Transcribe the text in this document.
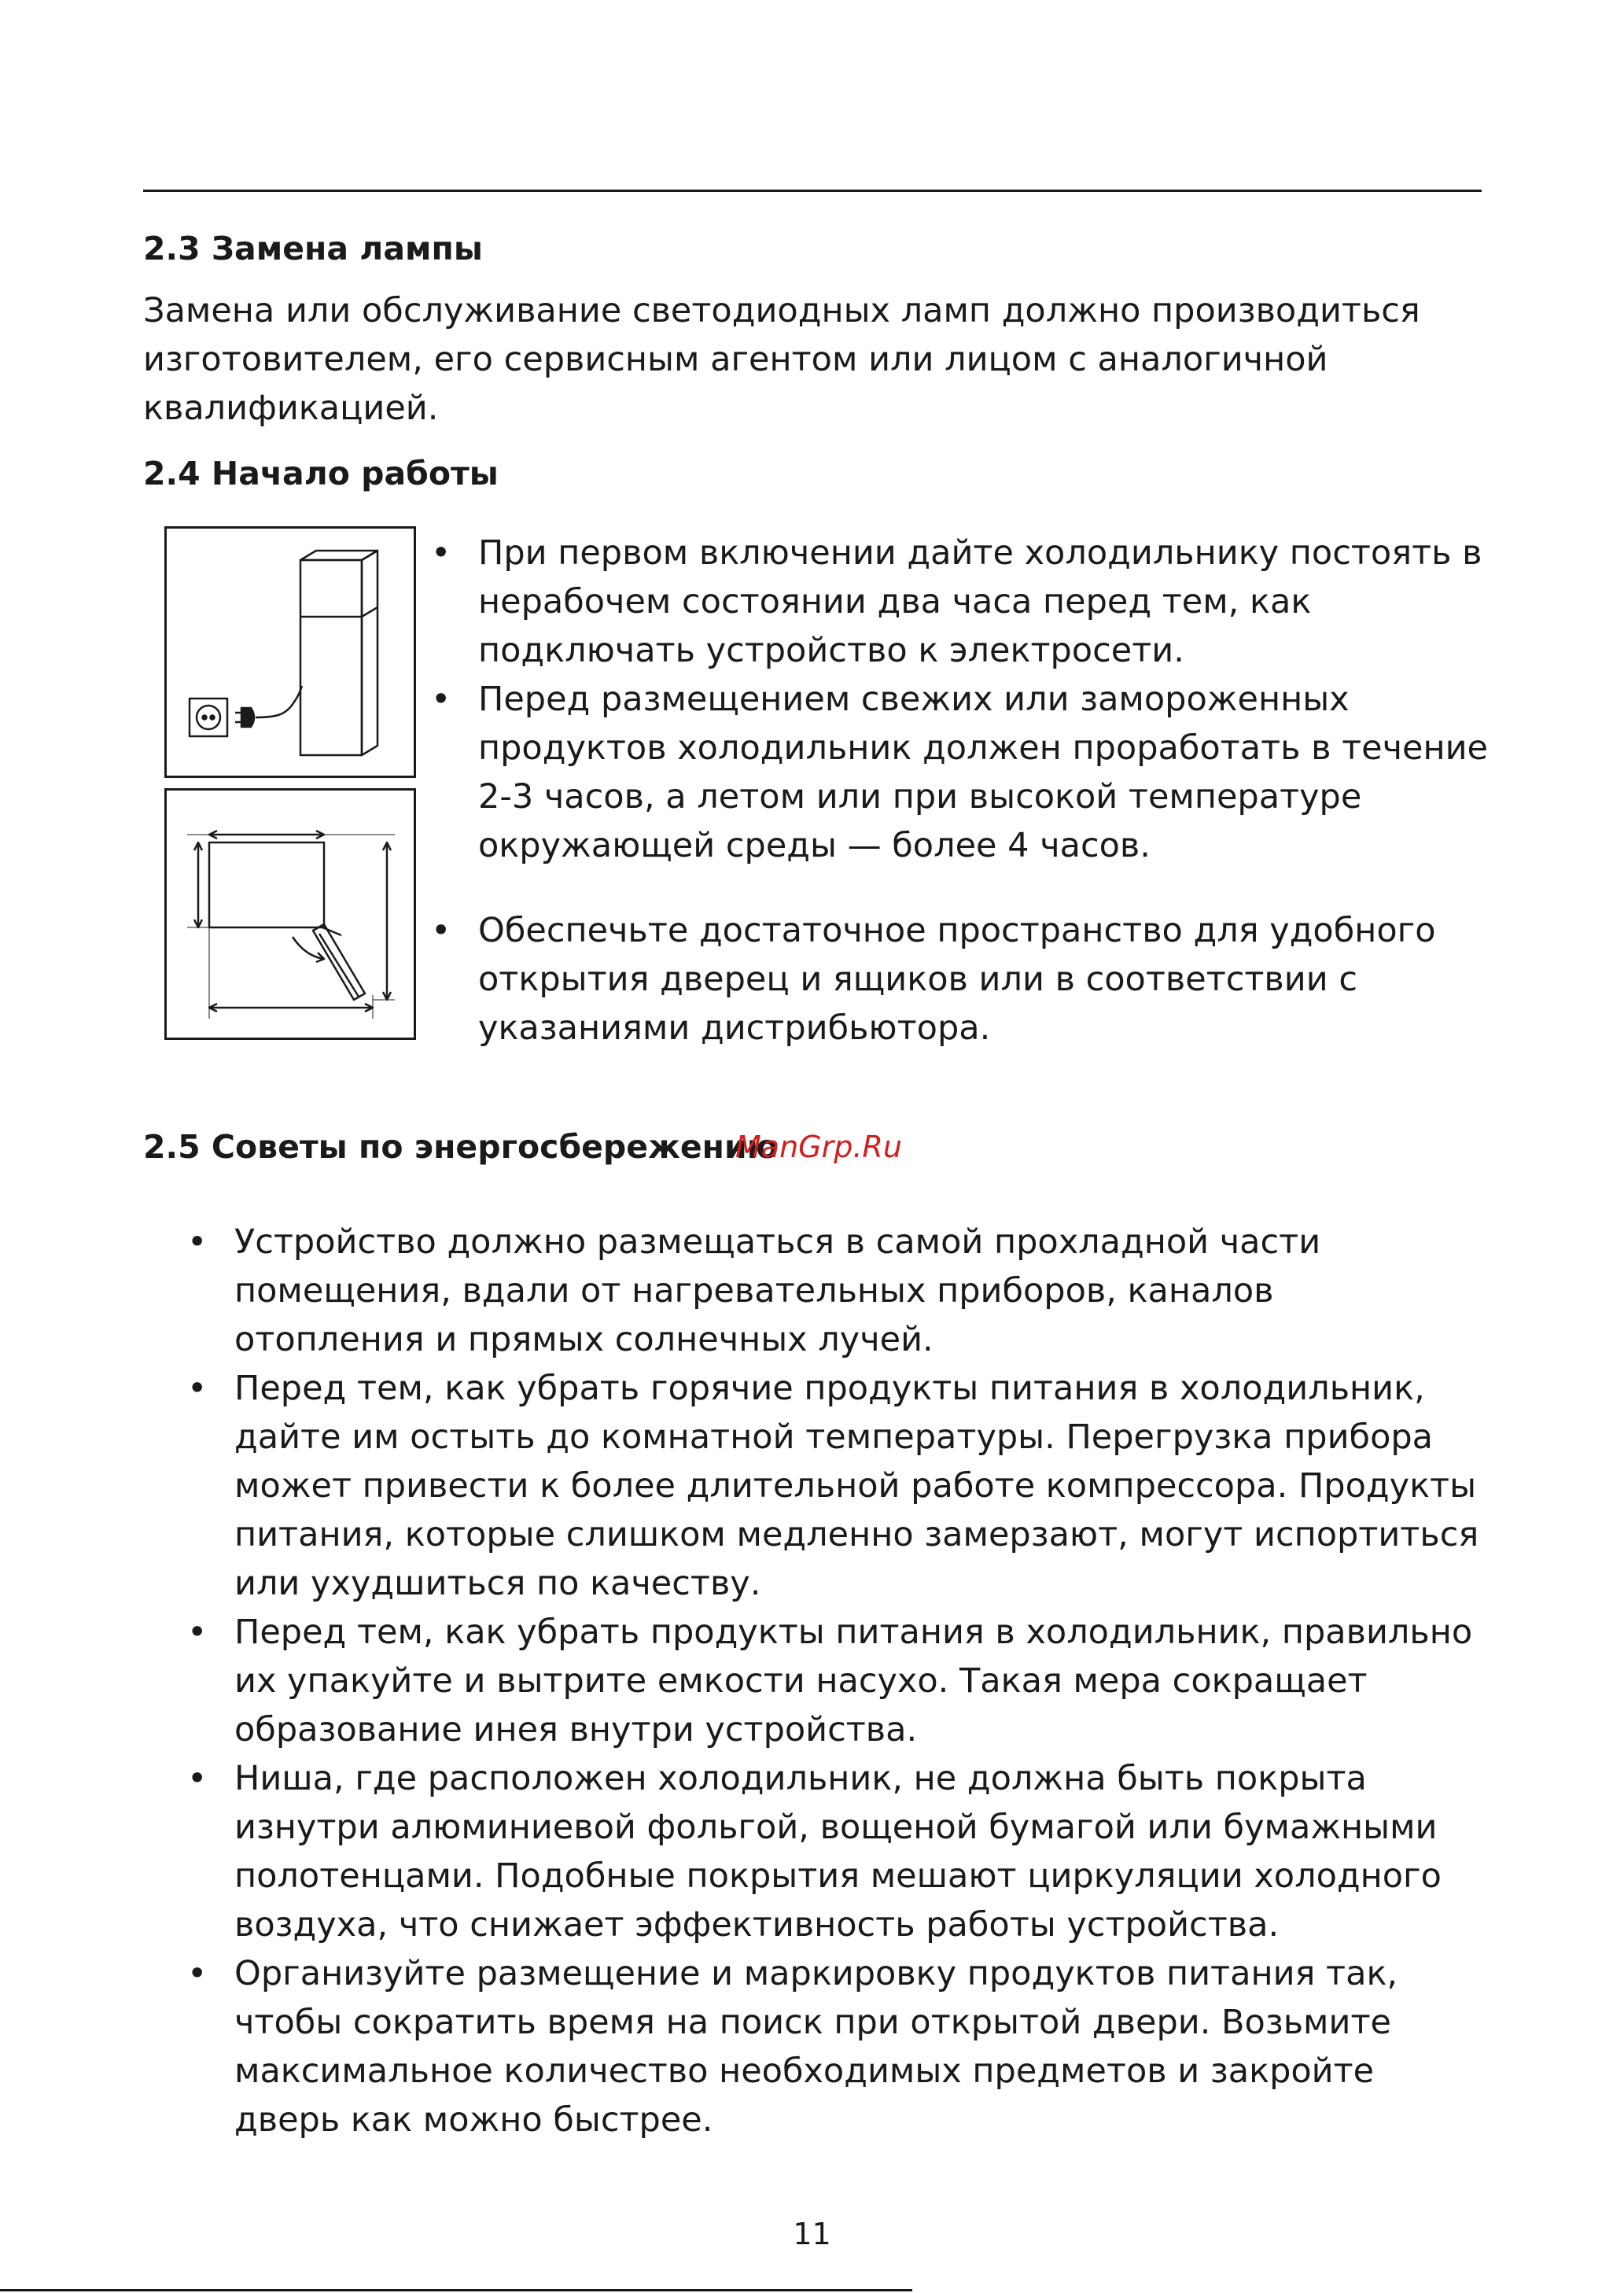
2.3 Замена лампы
Замена или обслуживание светодиодных ламп должно производиться
изготовителем, его сервисным агентом или лицом с аналогичной
квалификацией.
2.4 Начало работы
• При первом включении дайте холодильнику постоять в
нерабочем состоянии два часа перед тем, как
подключать устройство к электросети.
• Перед размещением свежих или замороженных
продуктов холодильник должен проработать в течение
2-3 часов, а летом или при высокой температуре
окружающей среды — более 4 часов.
• Обеспечьте достаточное пространство для удобного
открытия дверец и ящиков или в соответствии с
указаниями дистрибьютора.
2.5 Советы по энергосбережению
ManGrp.Ru
• Устройство должно размещаться в самой прохладной части
помещения, вдали от нагревательных приборов, каналов
отопления и прямых солнечных лучей.
• Перед тем, как убрать горячие продукты питания в холодильник,
дайте им остыть до комнатной температуры. Перегрузка прибора
может привести к более длительной работе компрессора. Продукты
питания, которые слишком медленно замерзают, могут испортиться
или ухудшиться по качеству.
• Перед тем, как убрать продукты питания в холодильник, правильно
их упакуйте и вытрите емкости насухо. Такая мера сокращает
образование инея внутри устройства.
• Ниша, где расположен холодильник, не должна быть покрыта
изнутри алюминиевой фольгой, вощеной бумагой или бумажными
полотенцами. Подобные покрытия мешают циркуляции холодного
воздуха, что снижает эффективность работы устройства.
• Организуйте размещение и маркировку продуктов питания так,
чтобы сократить время на поиск при открытой двери. Возьмите
максимальное количество необходимых предметов и закройте
дверь как можно быстрее.
11
